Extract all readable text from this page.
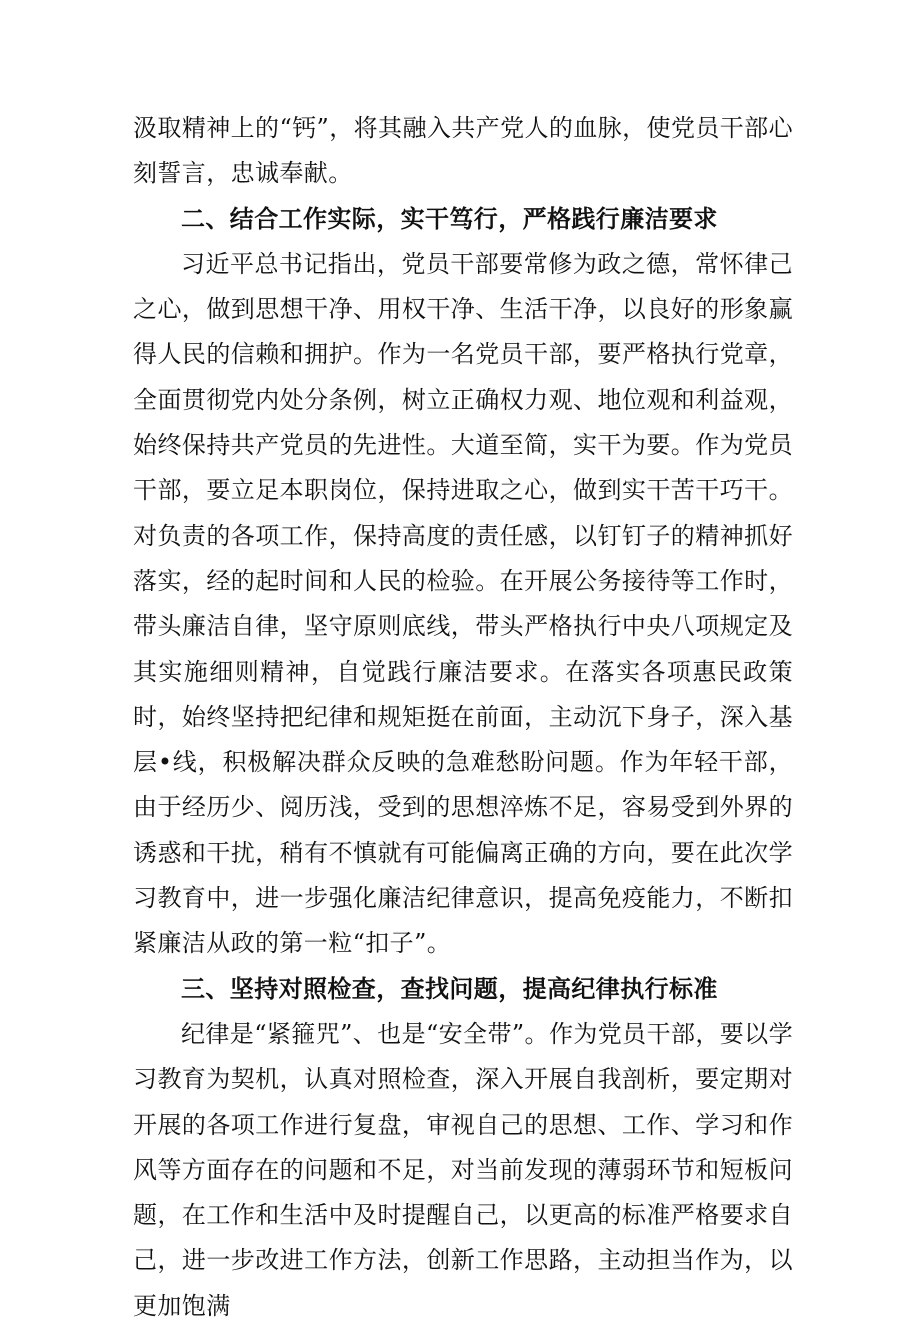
汲取精神上的“钙”，将其融入共产党人的血脉，使党员干部心刻誓言，忠诚奉献。

二、结合工作实际，实干笃行，严格践行廉洁要求

习近平总书记指出，党员干部要常修为政之德，常怀律己之心，做到思想干净、用权干净、生活干净，以良好的形象赢得人民的信赖和拥护。作为一名党员干部，要严格执行党章，全面贯彻党内处分条例，树立正确权力观、地位观和利益观，始终保持共产党员的先进性。大道至简，实干为要。作为党员干部，要立足本职岗位，保持进取之心，做到实干苦干巧干。对负责的各项工作，保持高度的责任感，以钉钉子的精神抓好落实，经的起时间和人民的检验。在开展公务接待等工作时，带头廉洁自律，坚守原则底线，带头严格执行中央八项规定及其实施细则精神，自觉践行廉洁要求。在落实各项惠民政策时，始终坚持把纪律和规矩挺在前面，主动沉下身子，深入基层•线，积极解决群众反映的急难愁盼问题。作为年轻干部，由于经历少、阅历浅，受到的思想淬炼不足，容易受到外界的诱惑和干扰，稍有不慎就有可能偏离正确的方向，要在此次学习教育中，进一步强化廉洁纪律意识，提高免疫能力，不断扣紧廉洁从政的第一粒“扣子”。

三、坚持对照检查，查找问题，提高纪律执行标准

纪律是“紧箍咒”、也是“安全带”。作为党员干部，要以学习教育为契机，认真对照检查，深入开展自我剖析，要定期对开展的各项工作进行复盘，审视自己的思想、工作、学习和作风等方面存在的问题和不足，对当前发现的薄弱环节和短板问题，在工作和生活中及时提醒自己，以更高的标准严格要求自己，进一步改进工作方法，创新工作思路，主动担当作为，以更加饱满
